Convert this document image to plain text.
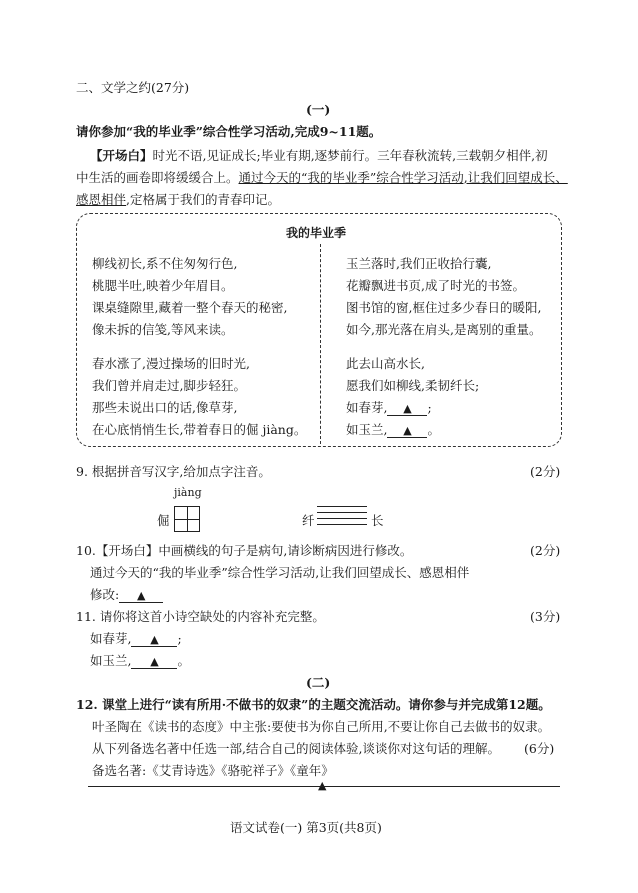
二、文学之约(27分)
(一)
请你参加“我的毕业季”综合性学习活动,完成9~11题。
【开场白】时光不语,见证成长;毕业有期,逐梦前行。三年春秋流转,三载朝夕相伴,初
中生活的画卷即将缓缓合上。通过今天的“我的毕业季”综合性学习活动,让我们回望成长、
感恩相伴,定格属于我们的青春印记。
我的毕业季
柳线初长,系不住匆匆行色,
桃腮半吐,映着少年眉目。
课桌缝隙里,藏着一整个春天的秘密,
像未拆的信笺,等风来读。
春水涨了,漫过操场的旧时光,
我们曾并肩走过,脚步轻狂。
那些未说出口的话,像草芽,
在心底悄悄生长,带着春日的倔 jiàng。
玉兰落时,我们正收拾行囊,
花瓣飘进书页,成了时光的书签。
图书馆的窗,框住过多少春日的暖阳,
如今,那光落在肩头,是离别的重量。
此去山高水长,
愿我们如柳线,柔韧纤长;
如春芽, ▲ ;
如玉兰, ▲ 。
9. 根据拼音写汉字,给加点字注音。	(2分)
jiàng
倔	纤	长
10.【开场白】中画横线的句子是病句,请诊断病因进行修改。	(2分)
通过今天的“我的毕业季”综合性学习活动,让我们回望成长、感恩相伴
修改: ▲
11. 请你将这首小诗空缺处的内容补充完整。	(3分)
如春芽, ▲ ;
如玉兰, ▲ 。
(二)
12. 课堂上进行“读有所用·不做书的奴隶”的主题交流活动。请你参与并完成第12题。
叶圣陶在《读书的态度》中主张:要使书为你自己所用,不要让你自己去做书的奴隶。
从下列备选名著中任选一部,结合自己的阅读体验,谈谈你对这句话的理解。 (6分)
备选名著:《艾青诗选》《骆驼祥子》《童年》
▲
语文试卷(一) 第3页(共8页)
